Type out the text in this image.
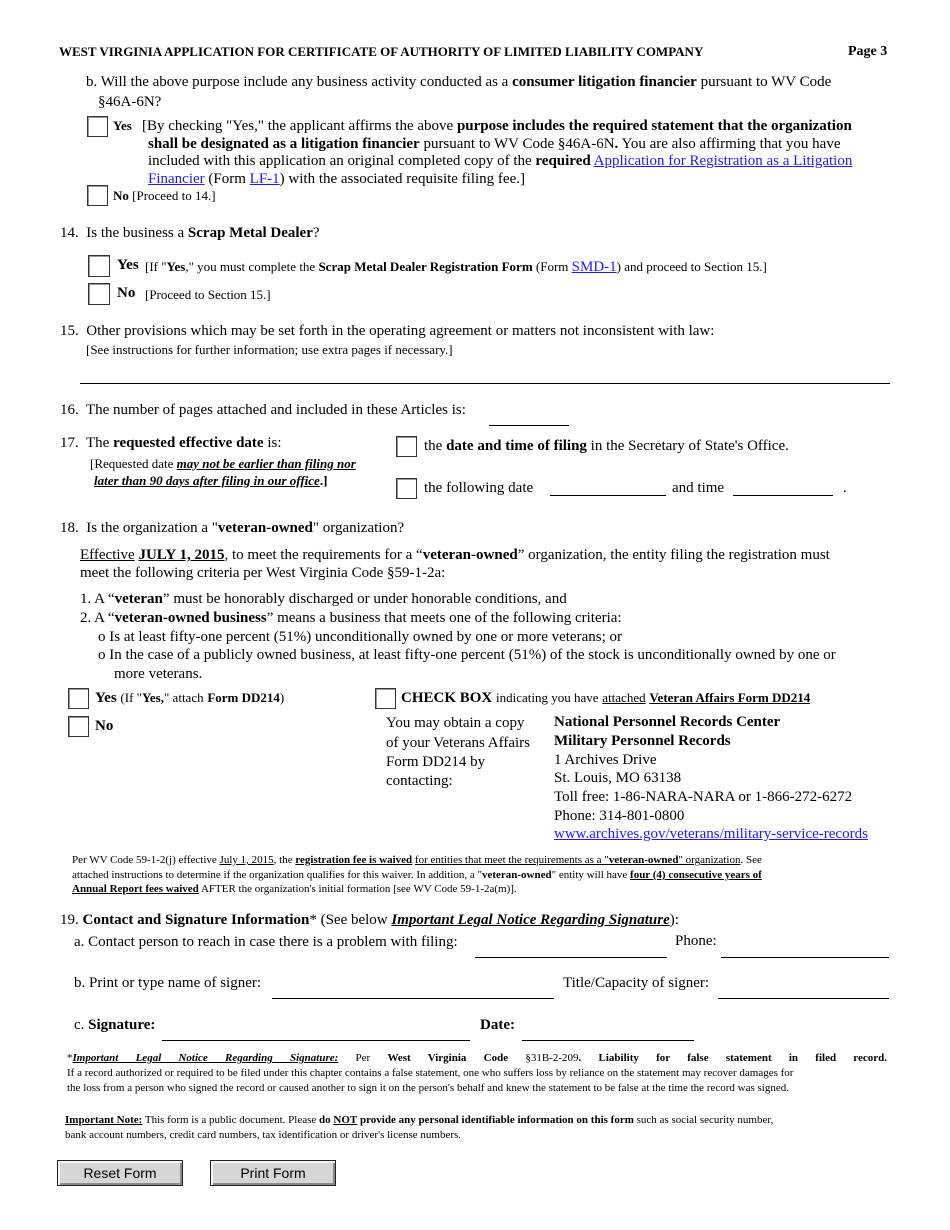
WEST VIRGINIA APPLICATION FOR CERTIFICATE OF AUTHORITY OF LIMITED LIABILITY COMPANY	Page 3
b. Will the above purpose include any business activity conducted as a consumer litigation financier pursuant to WV Code
§46A-6N?
Yes [By checking "Yes," the applicant affirms the above purpose includes the required statement that the organization
shall be designated as a litigation financier pursuant to WV Code §46A-6N. You are also affirming that you have
included with this application an original completed copy of the required Application for Registration as a Litigation
Financier (Form LF-1) with the associated requisite filing fee.]
No [Proceed to 14.]
14. Is the business a Scrap Metal Dealer?
Yes [If "Yes," you must complete the Scrap Metal Dealer Registration Form (Form SMD-1) and proceed to Section 15.]
No [Proceed to Section 15.]
15. Other provisions which may be set forth in the operating agreement or matters not inconsistent with law:
[See instructions for further information; use extra pages if necessary.]
16. The number of pages attached and included in these Articles is:
17. The requested effective date is:
[Requested date may not be earlier than filing nor
later than 90 days after filing in our office.]
the date and time of filing in the Secretary of State's Office.
the following date	and time	.
18. Is the organization a "veteran-owned" organization?
Effective JULY 1, 2015, to meet the requirements for a “veteran-owned” organization, the entity filing the registration must
meet the following criteria per West Virginia Code §59-1-2a:
1. A “veteran” must be honorably discharged or under honorable conditions, and
2. A “veteran-owned business” means a business that meets one of the following criteria:
o Is at least fifty-one percent (51%) unconditionally owned by one or more veterans; or
o In the case of a publicly owned business, at least fifty-one percent (51%) of the stock is unconditionally owned by one or
more veterans.
Yes (If "Yes," attach Form DD214)
No
CHECK BOX indicating you have attached Veteran Affairs Form DD214
You may obtain a copy
of your Veterans Affairs
Form DD214 by
contacting:
National Personnel Records Center
Military Personnel Records
1 Archives Drive
St. Louis, MO 63138
Toll free: 1-86-NARA-NARA or 1-866-272-6272
Phone: 314-801-0800
www.archives.gov/veterans/military-service-records
Per WV Code 59-1-2(j) effective July 1, 2015, the registration fee is waived for entities that meet the requirements as a "veteran-owned" organization. See
attached instructions to determine if the organization qualifies for this waiver. In addition, a "veteran-owned" entity will have four (4) consecutive years of
Annual Report fees waived AFTER the organization's initial formation [see WV Code 59-1-2a(m)].
19. Contact and Signature Information* (See below Important Legal Notice Regarding Signature):
a. Contact person to reach in case there is a problem with filing:	Phone:
b. Print or type name of signer:	Title/Capacity of signer:
c. Signature:	Date:
*Important Legal Notice Regarding Signature: Per West Virginia Code §31B-2-209. Liability for false statement in filed record.
If a record authorized or required to be filed under this chapter contains a false statement, one who suffers loss by reliance on the statement may recover damages for
the loss from a person who signed the record or caused another to sign it on the person's behalf and knew the statement to be false at the time the record was signed.
Important Note: This form is a public document. Please do NOT provide any personal identifiable information on this form such as social security number,
bank account numbers, credit card numbers, tax identification or driver's license numbers.
Reset Form	Print Form
